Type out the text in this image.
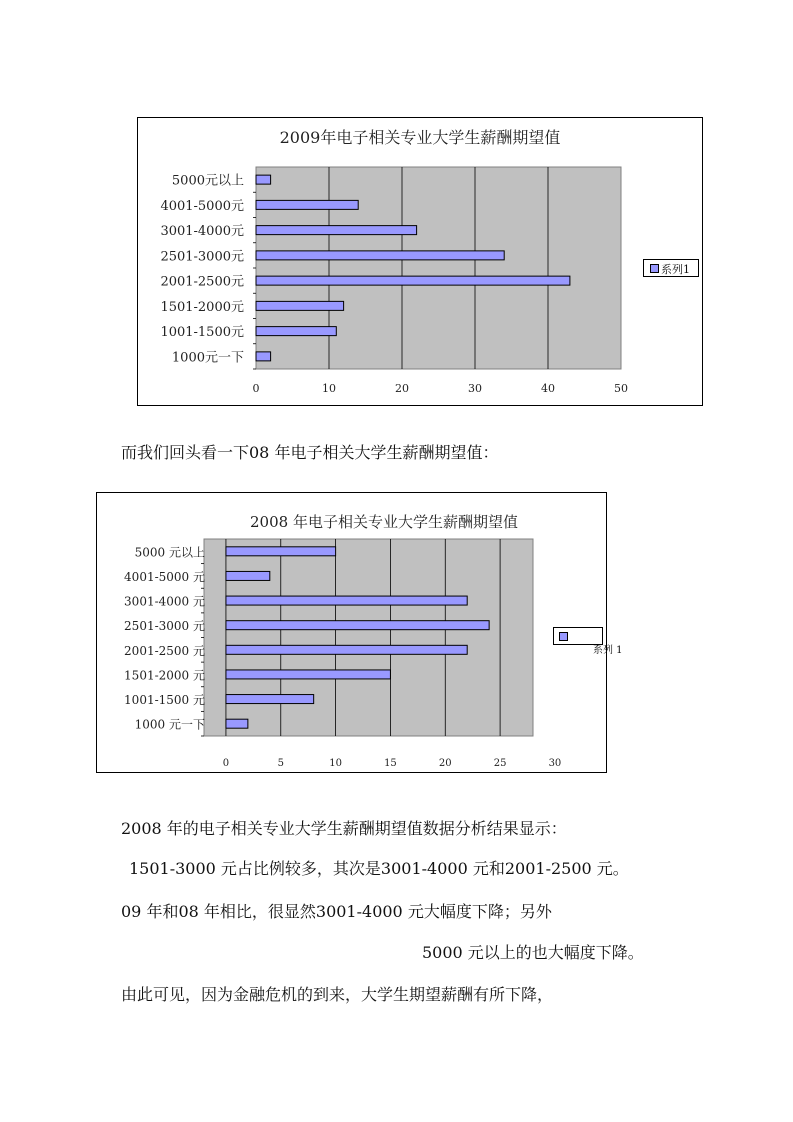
2009年电子相关专业大学生薪酬期望值
0	10	20	30	40	50
5000元以上
4001-5000元
3001-4000元
2501-3000元
2001-2500元
1501-2000元
1001-1500元
1000元一下
系列1
而我们回头看一下08 年电子相关大学生薪酬期望值：
2008 年电子相关专业大学生薪酬期望值
0	5	10	15	20	25	30
5000 元以上
4001-5000 元
3001-4000 元
2501-3000 元
2001-2500 元
1501-2000 元
1001-1500 元
1000 元一下
系列 1
2008 年的电子相关专业大学生薪酬期望值数据分析结果显示：
1501-3000 元占比例较多，其次是3001-4000 元和2001-2500 元。
09 年和08 年相比，很显然3001-4000 元大幅度下降；另外
5000 元以上的也大幅度下降。
由此可见，因为金融危机的到来，大学生期望薪酬有所下降，
